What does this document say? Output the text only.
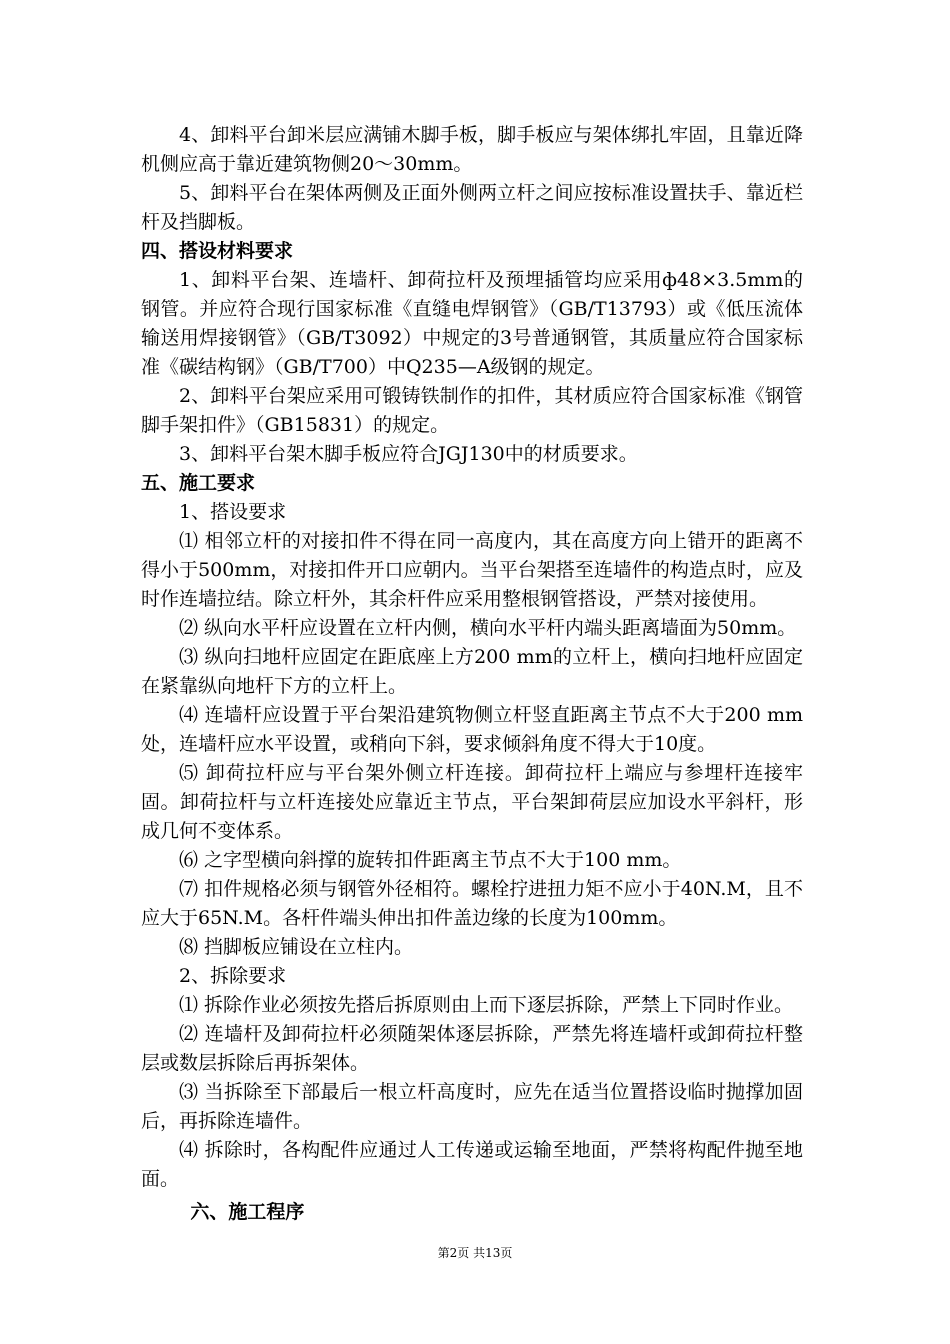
4、卸料平台卸米层应满铺木脚手板，脚手板应与架体绑扎牢固，且靠近降机侧应高于靠近建筑物侧20～30mm。

5、卸料平台在架体两侧及正面外侧两立杆之间应按标准设置扶手、靠近栏杆及挡脚板。

四、搭设材料要求

1、卸料平台架、连墙杆、卸荷拉杆及预埋插管均应采用ф48×3.5mm的钢管。并应符合现行国家标准《直缝电焊钢管》（GB/T13793）或《低压流体输送用焊接钢管》（GB/T3092）中规定的3号普通钢管，其质量应符合国家标准《碳结构钢》（GB/T700）中Q235—A级钢的规定。

2、卸料平台架应采用可锻铸铁制作的扣件，其材质应符合国家标准《钢管脚手架扣件》（GB15831）的规定。

3、卸料平台架木脚手板应符合JGJ130中的材质要求。

五、施工要求

1、搭设要求

⑴ 相邻立杆的对接扣件不得在同一高度内，其在高度方向上错开的距离不得小于500mm，对接扣件开口应朝内。当平台架搭至连墙件的构造点时，应及时作连墙拉结。除立杆外，其余杆件应采用整根钢管搭设，严禁对接使用。

⑵ 纵向水平杆应设置在立杆内侧，横向水平杆内端头距离墙面为50mm。

⑶ 纵向扫地杆应固定在距底座上方200 mm的立杆上，横向扫地杆应固定在紧靠纵向地杆下方的立杆上。

⑷ 连墙杆应设置于平台架沿建筑物侧立杆竖直距离主节点不大于200 mm处，连墙杆应水平设置，或稍向下斜，要求倾斜角度不得大于10度。

⑸ 卸荷拉杆应与平台架外侧立杆连接。卸荷拉杆上端应与参埋杆连接牢固。卸荷拉杆与立杆连接处应靠近主节点，平台架卸荷层应加设水平斜杆，形成几何不变体系。

⑹ 之字型横向斜撑的旋转扣件距离主节点不大于100 mm。

⑺ 扣件规格必须与钢管外径相符。螺栓拧进扭力矩不应小于40N.M，且不应大于65N.M。各杆件端头伸出扣件盖边缘的长度为100mm。

⑻ 挡脚板应铺设在立柱内。

2、拆除要求

⑴ 拆除作业必须按先搭后拆原则由上而下逐层拆除，严禁上下同时作业。

⑵ 连墙杆及卸荷拉杆必须随架体逐层拆除，严禁先将连墙杆或卸荷拉杆整层或数层拆除后再拆架体。

⑶ 当拆除至下部最后一根立杆高度时，应先在适当位置搭设临时抛撑加固后，再拆除连墙件。

⑷ 拆除时，各构配件应通过人工传递或运输至地面，严禁将构配件抛至地面。

六、施工程序

第2页 共13页
